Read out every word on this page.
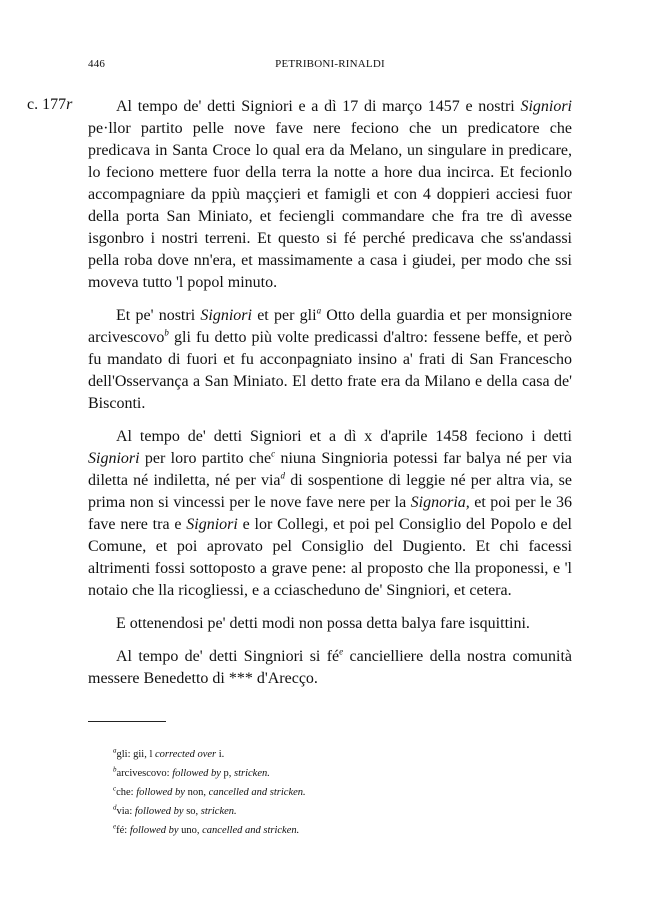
446	PETRIBONI-RINALDI
c. 177r	Al tempo de' detti Signiori e a dì 17 di março 1457 e nostri Signiori pe·llor partito pelle nove fave nere feciono che un predicatore che predicava in Santa Croce lo qual era da Melano, un singulare in predicare, lo feciono mettere fuor della terra la notte a hore dua incirca. Et fecionlo accompagniare da ppiù maççieri et famigli et con 4 doppieri acciesi fuor della porta San Miniato, et feciengli commandare che fra tre dì avesse isgonbro i nostri terreni. Et questo si fé perché predicava che ss'andassi pella roba dove nn'era, et massimamente a casa i giudei, per modo che ssi moveva tutto 'l popol minuto.

Et pe' nostri Signiori et per gli$^a$ Otto della guardia et per monsigniore arcivescovo$^b$ gli fu detto più volte predicassi d'altro: fessene beffe, et però fu mandato di fuori et fu acconpagniato insino a' frati di San Francescho dell'Osservança a San Miniato. El detto frate era da Milano e della casa de' Bisconti.

Al tempo de' detti Signiori et a dì x d'aprile 1458 feciono i detti Signiori per loro partito che$^c$ niuna Singnioria potessi far balya né per via diletta né indiletta, né per via$^d$ di sospentione di leggie né per altra via, se prima non si vincessi per le nove fave nere per la Signoria, et poi per le 36 fave nere tra e Signiori e lor Collegi, et poi pel Consiglio del Popolo e del Comune, et poi aprovato pel Consiglio del Dugiento. Et chi facessi altrimenti fossi sottoposto a grave pene: al proposto che lla proponessi, e 'l notaio che lla ricogliessi, e a cciascheduno de' Singniori, et cetera.

E ottenendosi pe' detti modi non possa detta balya fare isquittini.

Al tempo de' detti Singniori si fé$^e$ cancielliere della nostra comunità messere Benedetto di *** d'Arecço.

$^a$gli: gii, l corrected over i.
$^b$arcivescovo: followed by p, stricken.
$^c$che: followed by non, cancelled and stricken.
$^d$via: followed by so, stricken.
$^e$fé: followed by uno, cancelled and stricken.
